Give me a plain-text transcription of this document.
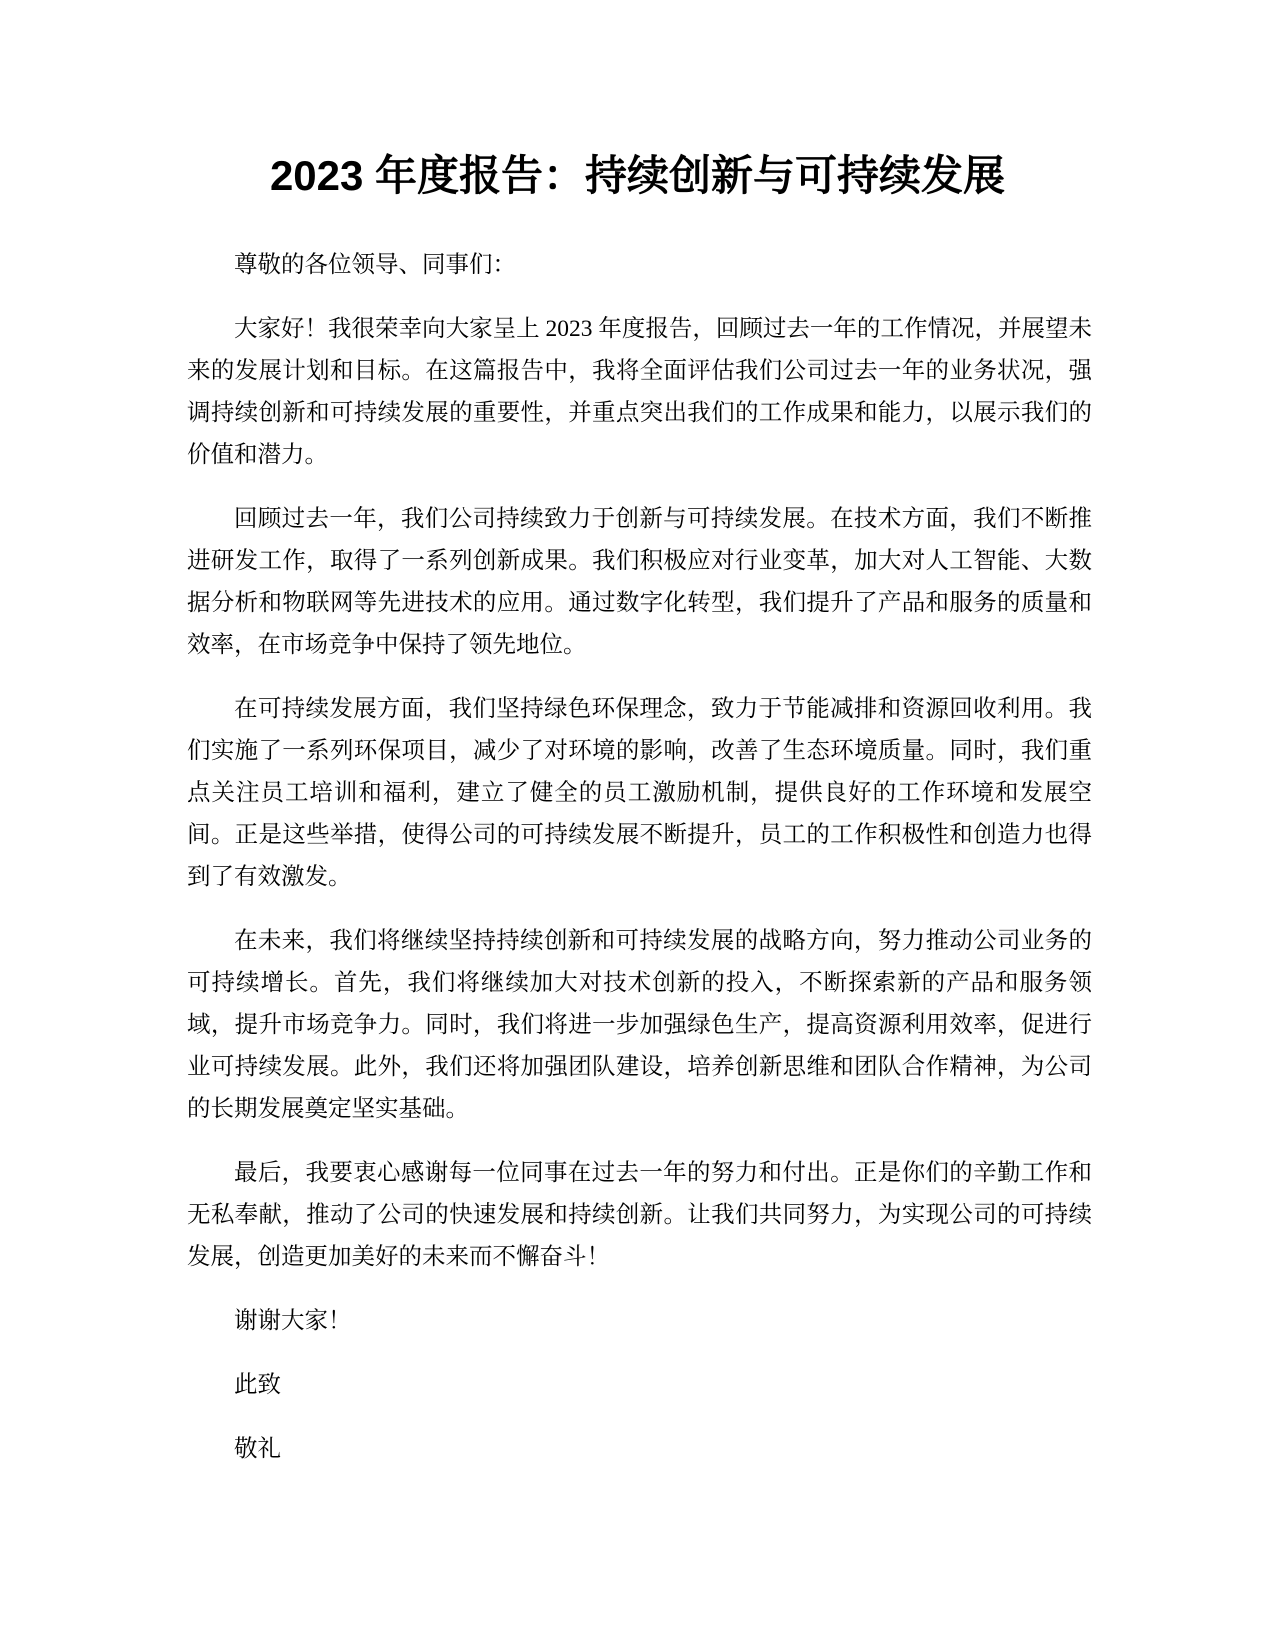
2023 年度报告：持续创新与可持续发展

尊敬的各位领导、同事们：

大家好！我很荣幸向大家呈上 2023 年度报告，回顾过去一年的工作情况，并展望未来的发展计划和目标。在这篇报告中，我将全面评估我们公司过去一年的业务状况，强调持续创新和可持续发展的重要性，并重点突出我们的工作成果和能力，以展示我们的价值和潜力。

回顾过去一年，我们公司持续致力于创新与可持续发展。在技术方面，我们不断推进研发工作，取得了一系列创新成果。我们积极应对行业变革，加大对人工智能、大数据分析和物联网等先进技术的应用。通过数字化转型，我们提升了产品和服务的质量和效率，在市场竞争中保持了领先地位。

在可持续发展方面，我们坚持绿色环保理念，致力于节能减排和资源回收利用。我们实施了一系列环保项目，减少了对环境的影响，改善了生态环境质量。同时，我们重点关注员工培训和福利，建立了健全的员工激励机制，提供良好的工作环境和发展空间。正是这些举措，使得公司的可持续发展不断提升，员工的工作积极性和创造力也得到了有效激发。

在未来，我们将继续坚持持续创新和可持续发展的战略方向，努力推动公司业务的可持续增长。首先，我们将继续加大对技术创新的投入，不断探索新的产品和服务领域，提升市场竞争力。同时，我们将进一步加强绿色生产，提高资源利用效率，促进行业可持续发展。此外，我们还将加强团队建设，培养创新思维和团队合作精神，为公司的长期发展奠定坚实基础。

最后，我要衷心感谢每一位同事在过去一年的努力和付出。正是你们的辛勤工作和无私奉献，推动了公司的快速发展和持续创新。让我们共同努力，为实现公司的可持续发展，创造更加美好的未来而不懈奋斗！

谢谢大家！

此致

敬礼
